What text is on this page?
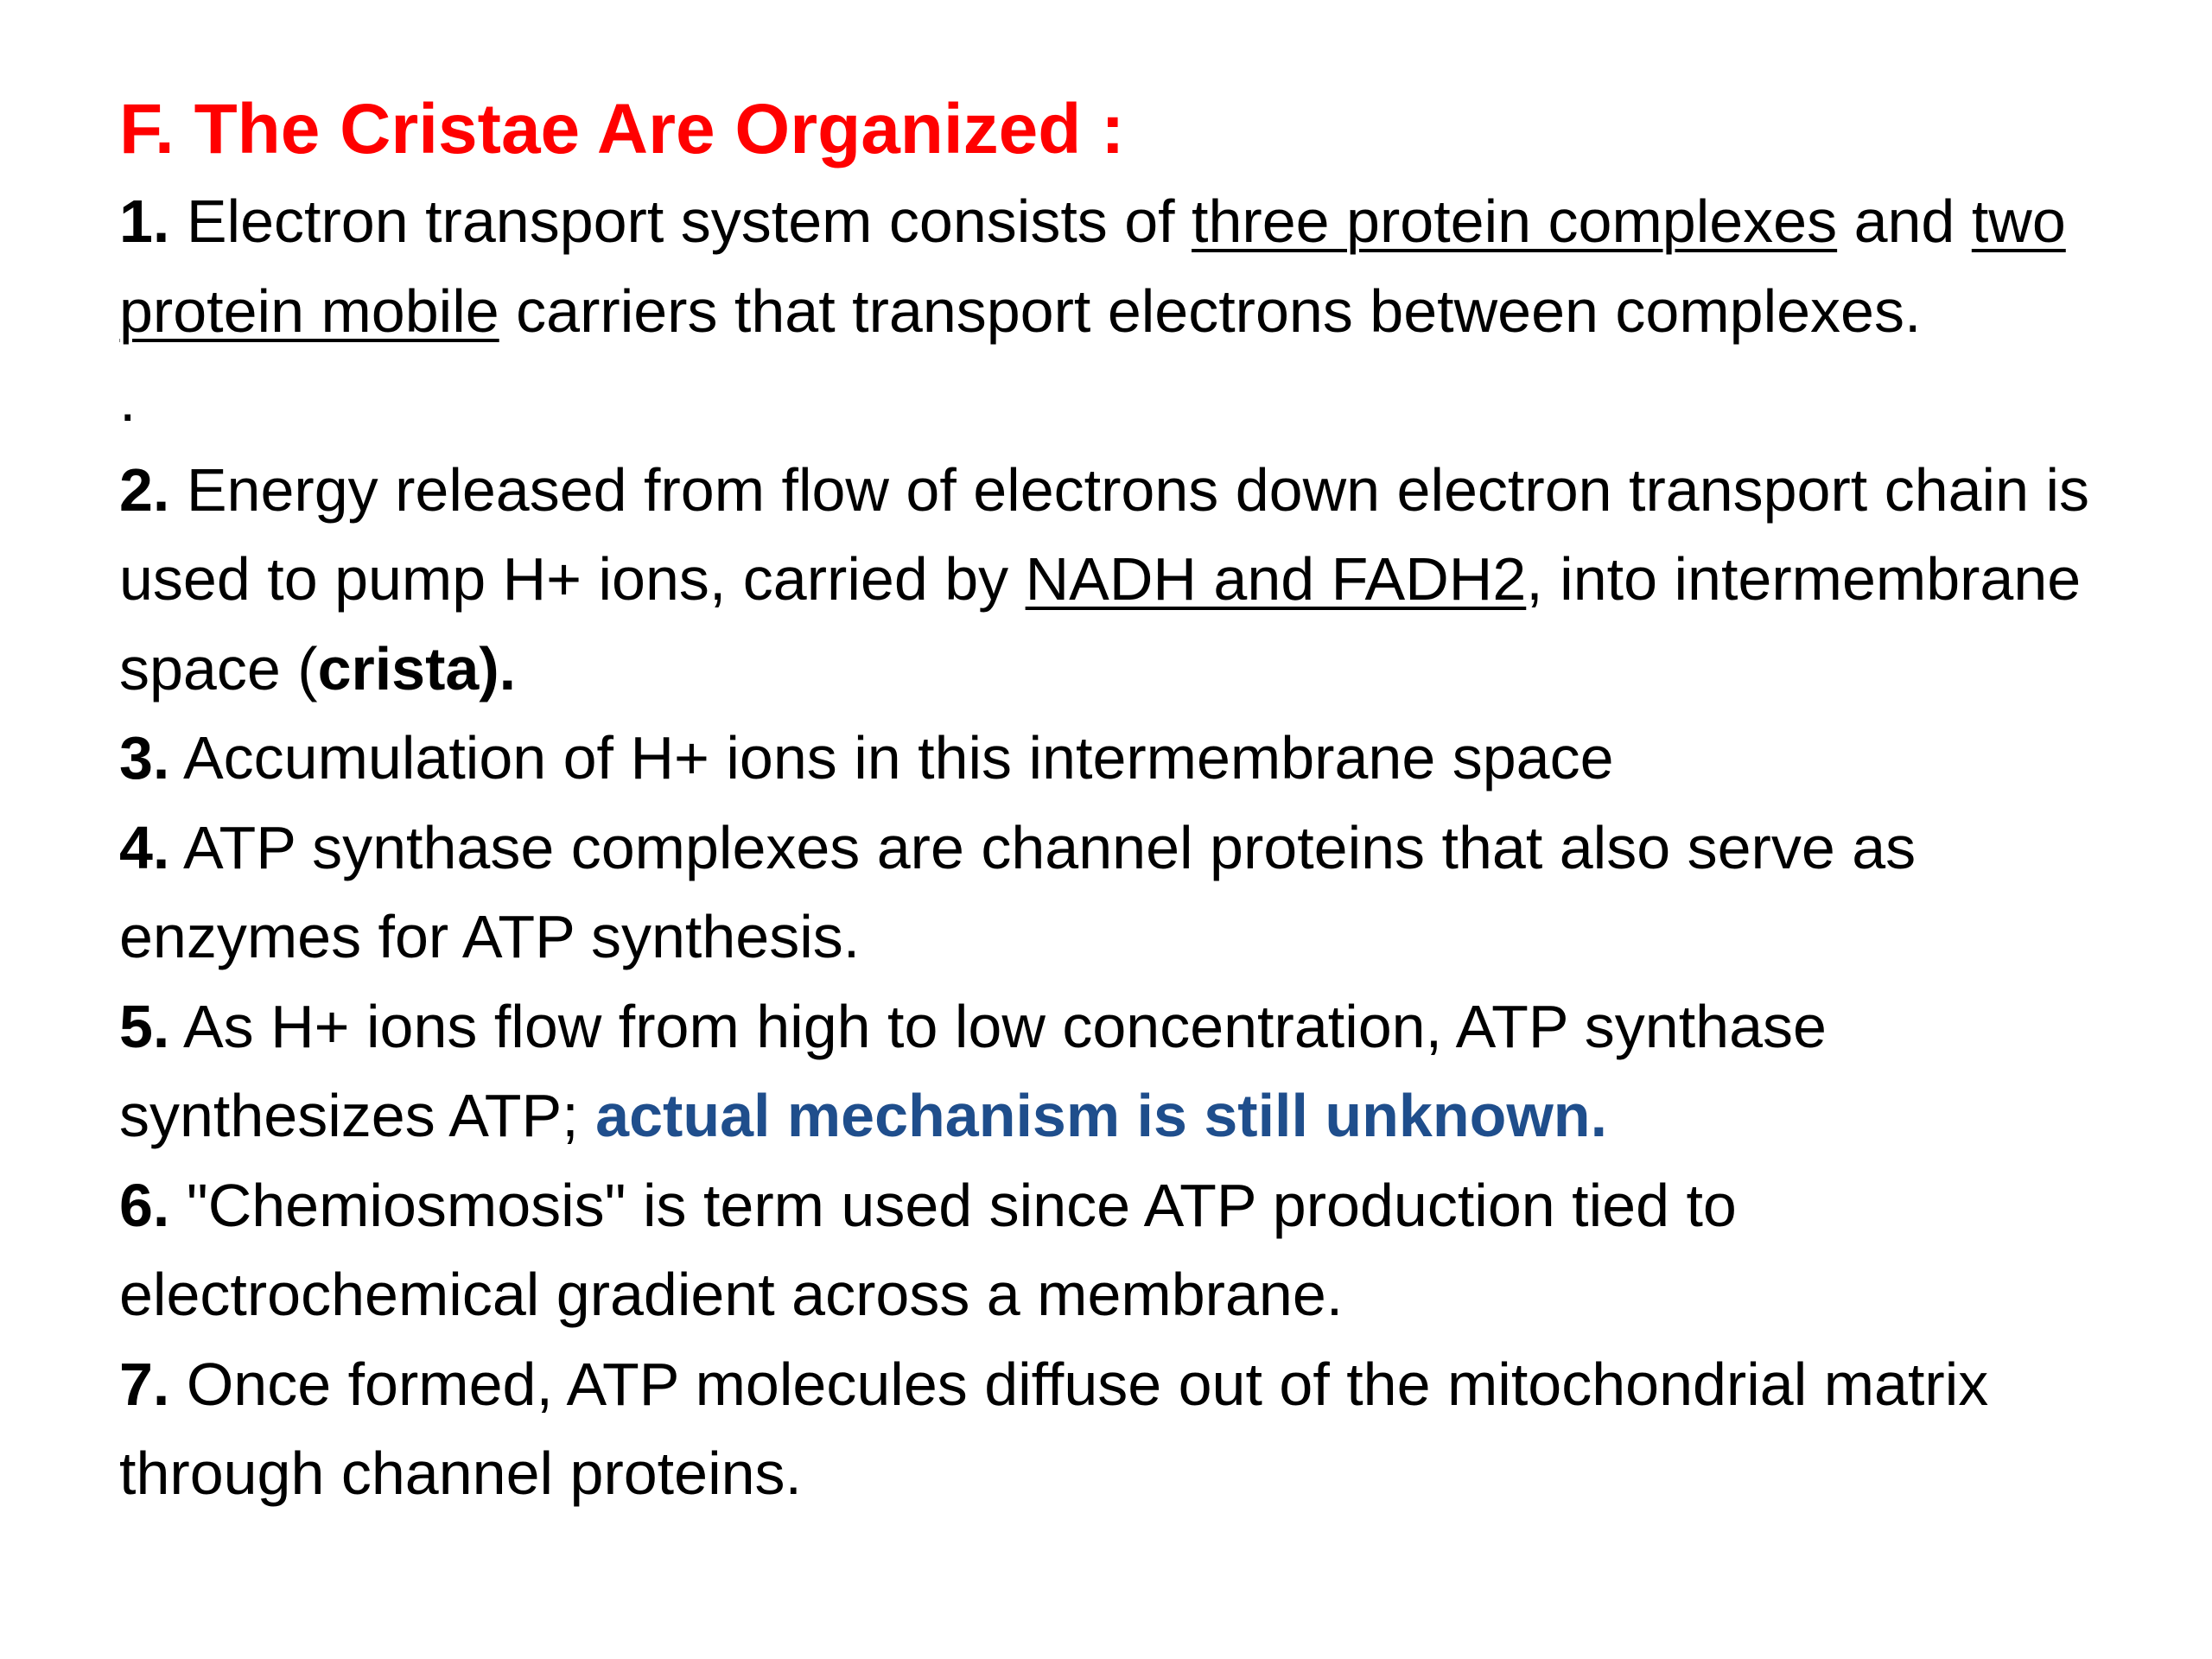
F. The Cristae Are Organized :

1. Electron transport system consists of three protein complexes and two protein mobile carriers that transport electrons between complexes.

.

2. Energy released from flow of electrons down electron transport chain is used to pump H+ ions, carried by NADH and FADH2, into intermembrane space (crista).

3. Accumulation of H+ ions in this intermembrane space

4. ATP synthase complexes are channel proteins that also serve as enzymes for ATP synthesis.

5. As H+ ions flow from high to low concentration, ATP synthase synthesizes ATP; actual mechanism is still unknown.

6. "Chemiosmosis" is term used since ATP production tied to electrochemical gradient across a membrane.

7. Once formed, ATP molecules diffuse out of the mitochondrial matrix through channel proteins.
